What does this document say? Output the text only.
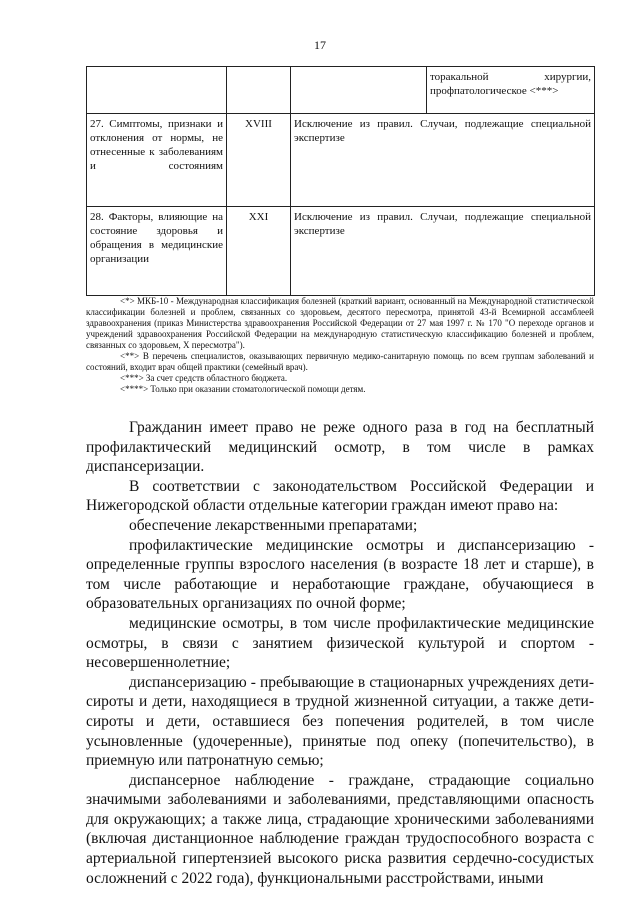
17
			торакальной хирургии, профпатологическое <***>
27. Симптомы, признаки и отклонения от нормы, не отнесенные к заболеваниям и состояниям	XVIII	Исключение из правил. Случаи, подлежащие специальной экспертизе	
28. Факторы, влияющие на состояние здоровья и обращения в медицинские организации	XXI	Исключение из правил. Случаи, подлежащие специальной экспертизе	

<*> МКБ-10 - Международная классификация болезней (краткий вариант, основанный на Международной статистической классификации болезней и проблем, связанных со здоровьем, десятого пересмотра, принятой 43-й Всемирной ассамблеей здравоохранения (приказ Министерства здравоохранения Российской Федерации от 27 мая 1997 г. № 170 "О переходе органов и учреждений здравоохранения Российской Федерации на международную статистическую классификацию болезней и проблем, связанных со здоровьем, X пересмотра").

<**> В перечень специалистов, оказывающих первичную медико-санитарную помощь по всем группам заболеваний и состояний, входит врач общей практики (семейный врач).

<***> За счет средств областного бюджета.

<****> Только при оказании стоматологической помощи детям.

Гражданин имеет право не реже одного раза в год на бесплатный профилактический медицинский осмотр, в том числе в рамках диспансеризации.

В соответствии с законодательством Российской Федерации и Нижегородской области отдельные категории граждан имеют право на:

обеспечение лекарственными препаратами;

профилактические медицинские осмотры и диспансеризацию - определенные группы взрослого населения (в возрасте 18 лет и старше), в том числе работающие и неработающие граждане, обучающиеся в образовательных организациях по очной форме;

медицинские осмотры, в том числе профилактические медицинские осмотры, в связи с занятием физической культурой и спортом - несовершеннолетние;

диспансеризацию - пребывающие в стационарных учреждениях дети-сироты и дети, находящиеся в трудной жизненной ситуации, а также дети-сироты и дети, оставшиеся без попечения родителей, в том числе усыновленные (удочеренные), принятые под опеку (попечительство), в приемную или патронатную семью;

диспансерное наблюдение - граждане, страдающие социально значимыми заболеваниями и заболеваниями, представляющими опасность для окружающих; а также лица, страдающие хроническими заболеваниями (включая дистанционное наблюдение граждан трудоспособного возраста с артериальной гипертензией высокого риска развития сердечно-сосудистых осложнений с 2022 года), функциональными расстройствами, иными
